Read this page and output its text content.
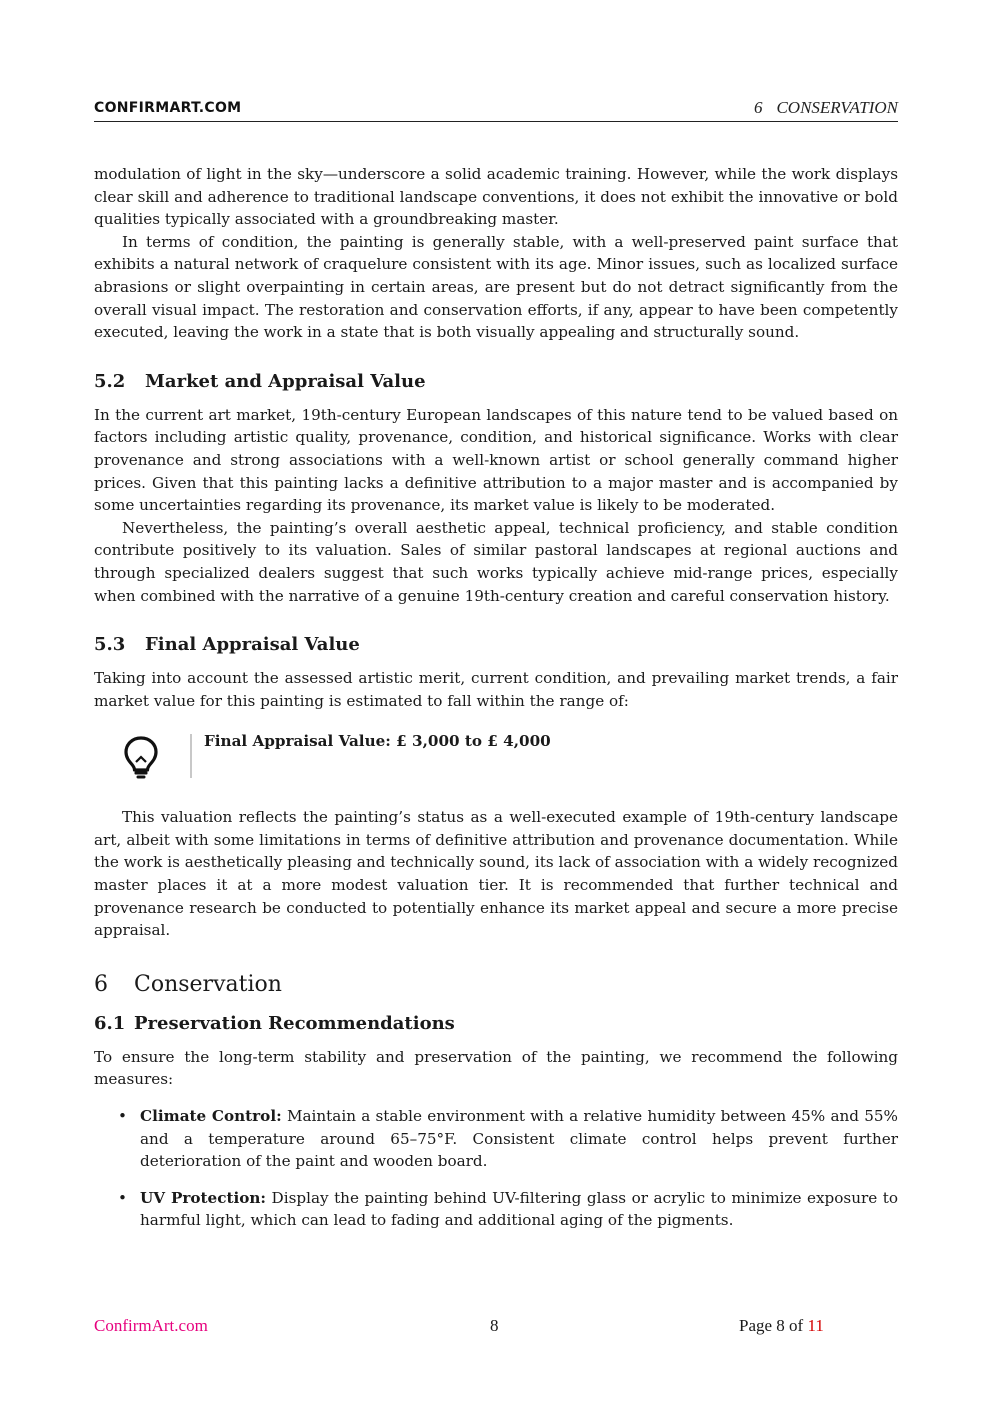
CONFIRMART.COM	6 CONSERVATION

modulation of light in the sky—underscore a solid academic training. However, while the work displays clear skill and adherence to traditional landscape conventions, it does not exhibit the innovative or bold qualities typically associated with a groundbreaking master.

In terms of condition, the painting is generally stable, with a well-preserved paint surface that exhibits a natural network of craquelure consistent with its age. Minor issues, such as localized surface abrasions or slight overpainting in certain areas, are present but do not detract significantly from the overall visual impact. The restoration and conservation efforts, if any, appear to have been competently executed, leaving the work in a state that is both visually appealing and structurally sound.

5.2 Market and Appraisal Value

In the current art market, 19th-century European landscapes of this nature tend to be valued based on factors including artistic quality, provenance, condition, and historical significance. Works with clear provenance and strong associations with a well-known artist or school generally command higher prices. Given that this painting lacks a definitive attribution to a major master and is accompanied by some uncertainties regarding its provenance, its market value is likely to be moderated.

Nevertheless, the painting’s overall aesthetic appeal, technical proficiency, and stable condition contribute positively to its valuation. Sales of similar pastoral landscapes at regional auctions and through specialized dealers suggest that such works typically achieve mid-range prices, especially when combined with the narrative of a genuine 19th-century creation and careful conservation history.

5.3 Final Appraisal Value

Taking into account the assessed artistic merit, current condition, and prevailing market trends, a fair market value for this painting is estimated to fall within the range of:

Final Appraisal Value: £ 3,000 to £ 4,000

This valuation reflects the painting’s status as a well-executed example of 19th-century landscape art, albeit with some limitations in terms of definitive attribution and provenance documentation. While the work is aesthetically pleasing and technically sound, its lack of association with a widely recognized master places it at a more modest valuation tier. It is recommended that further technical and provenance research be conducted to potentially enhance its market appeal and secure a more precise appraisal.

6 Conservation
6.1 Preservation Recommendations

To ensure the long-term stability and preservation of the painting, we recommend the following measures:

• Climate Control: Maintain a stable environment with a relative humidity between 45% and 55% and a temperature around 65–75°F. Consistent climate control helps prevent further deterioration of the paint and wooden board.
• UV Protection: Display the painting behind UV-filtering glass or acrylic to minimize exposure to harmful light, which can lead to fading and additional aging of the pigments.
ConfirmArt.com	8	Page 8 of 11
